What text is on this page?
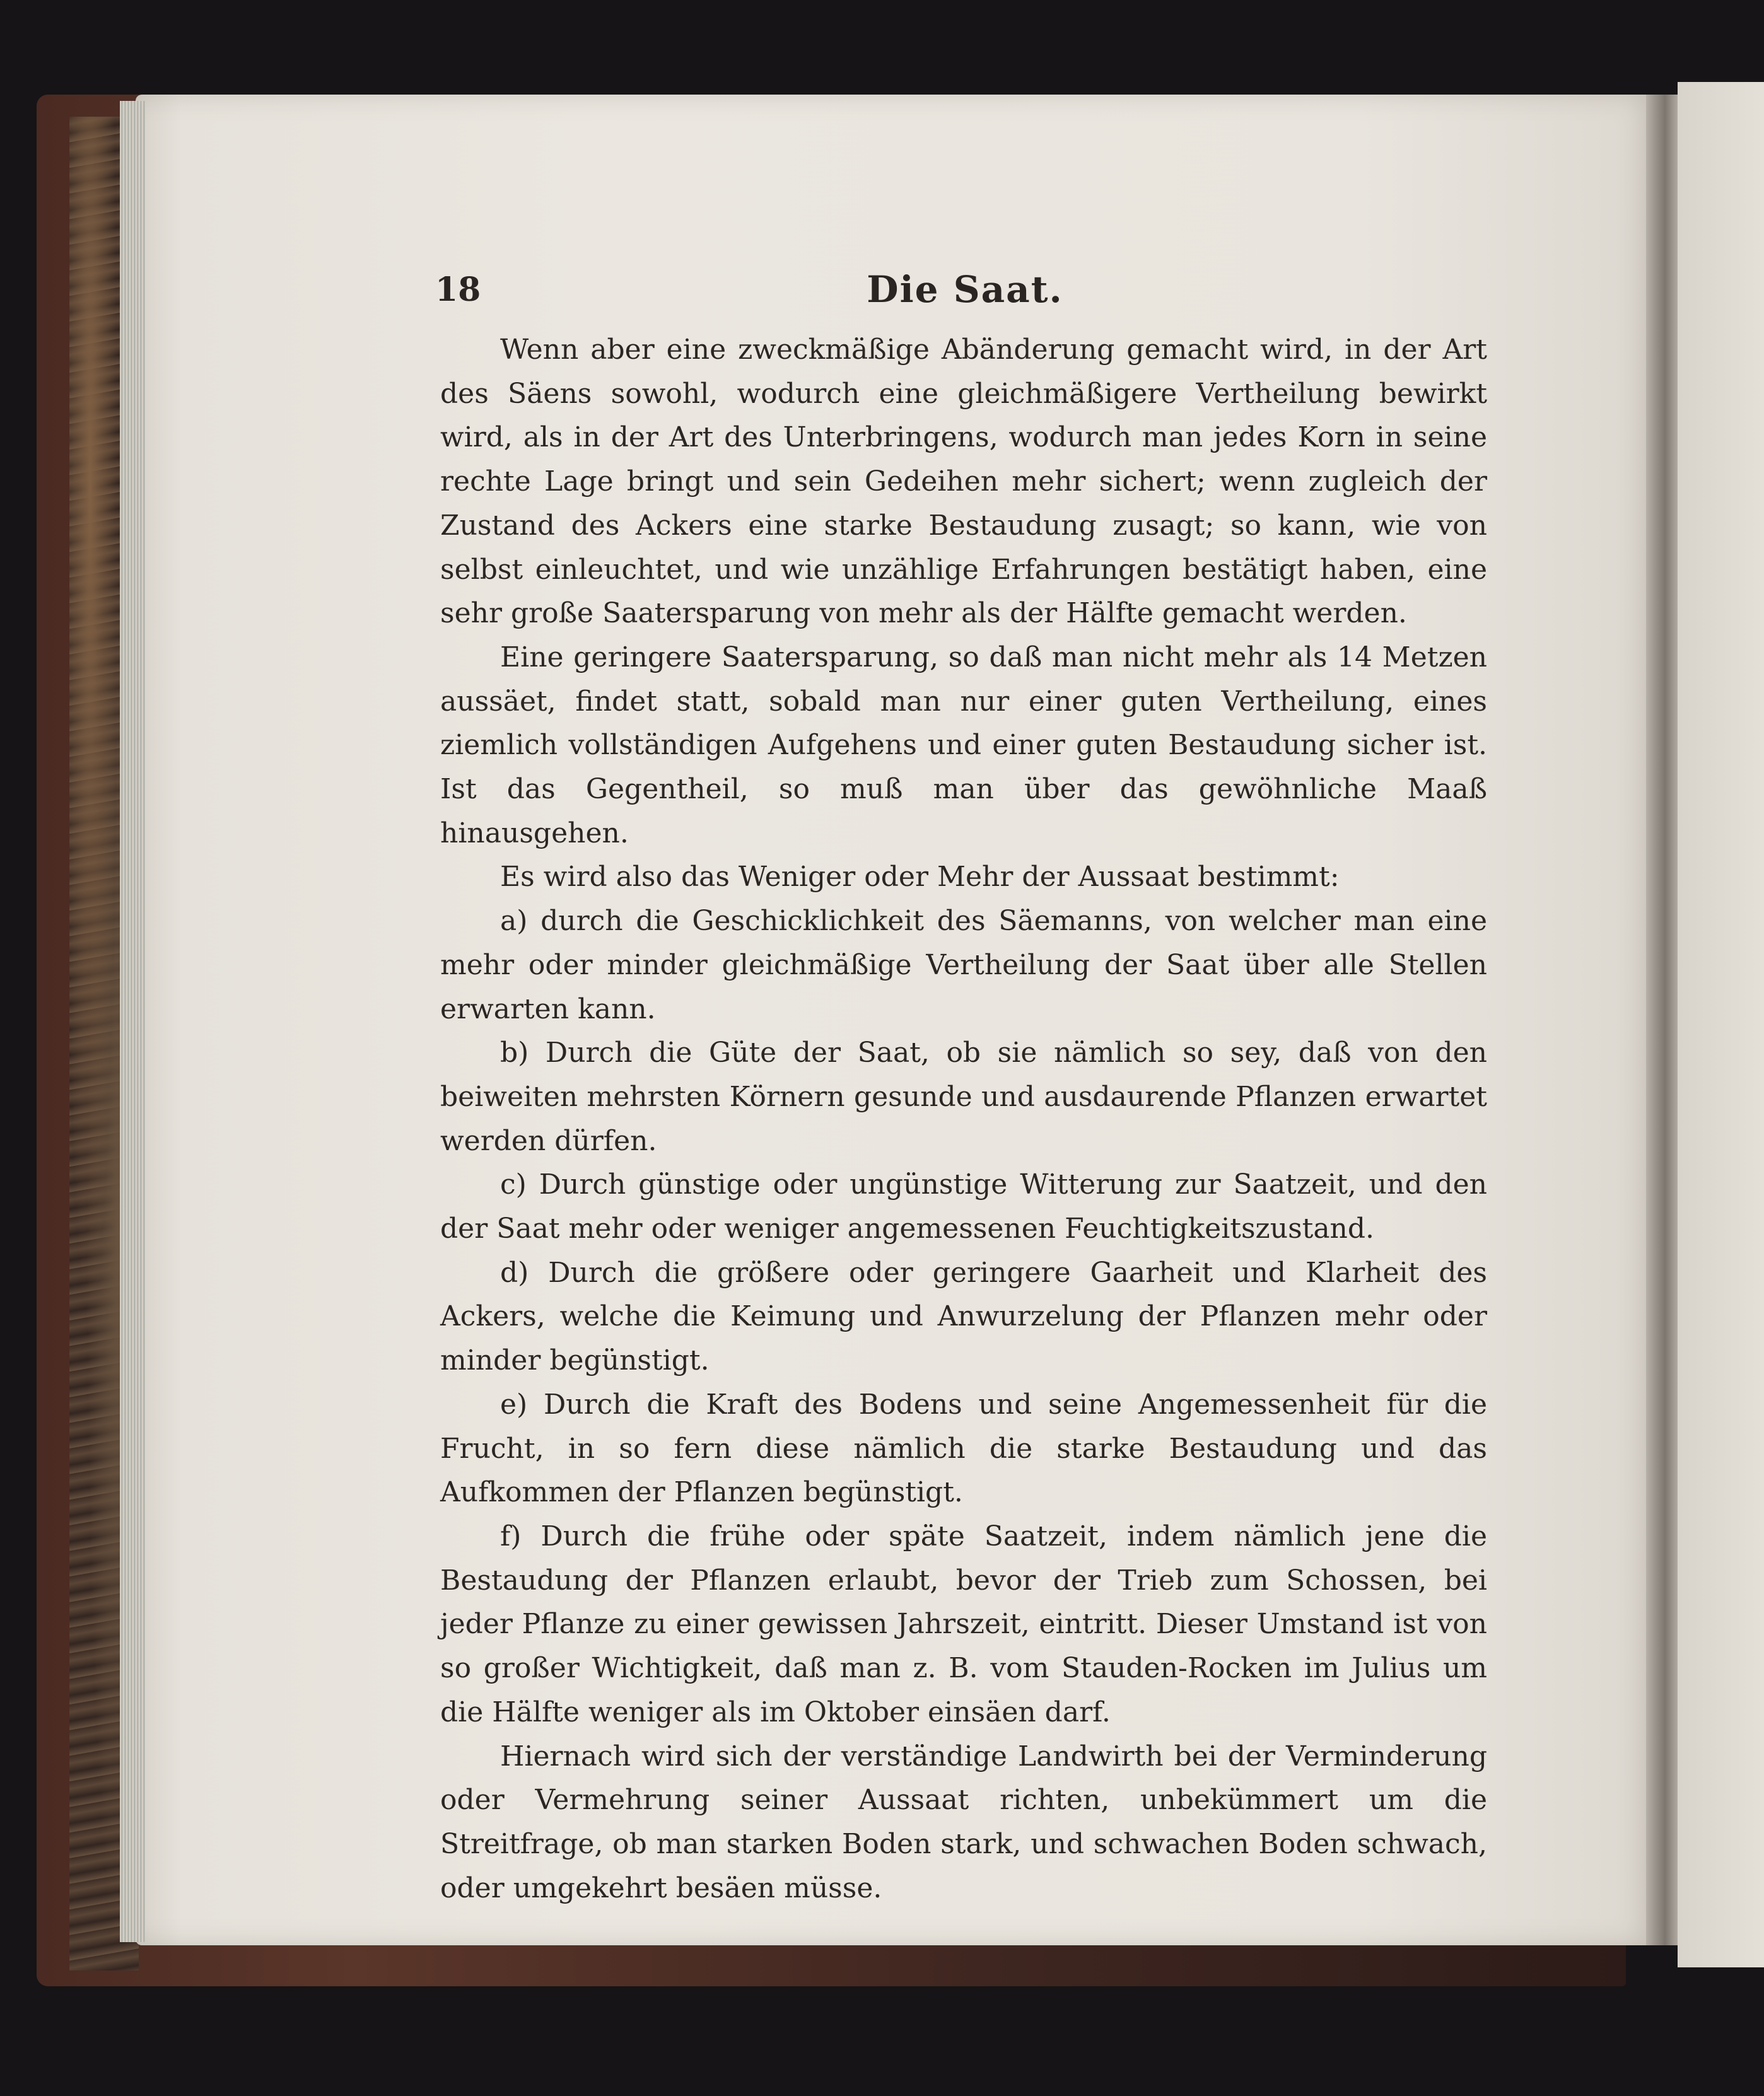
18	Die Saat.

Wenn aber eine zweckmäßige Abänderung gemacht wird, in der Art des Säens sowohl, wodurch eine gleichmäßigere Vertheilung bewirkt wird, als in der Art des Unterbringens, wodurch man jedes Korn in seine rechte Lage bringt und sein Gedeihen mehr sichert; wenn zugleich der Zustand des Ackers eine starke Bestaudung zusagt; so kann, wie von selbst einleuchtet, und wie unzählige Erfahrungen bestätigt haben, eine sehr große Saatersparung von mehr als der Hälfte gemacht werden.

Eine geringere Saatersparung, so daß man nicht mehr als 14 Metzen aussäet, findet statt, sobald man nur einer guten Vertheilung, eines ziemlich vollständigen Aufgehens und einer guten Bestaudung sicher ist. Ist das Gegentheil, so muß man über das gewöhnliche Maaß hinausgehen.

Es wird also das Weniger oder Mehr der Aussaat bestimmt:

a) durch die Geschicklichkeit des Säemanns, von welcher man eine mehr oder minder gleichmäßige Vertheilung der Saat über alle Stellen erwarten kann.

b) Durch die Güte der Saat, ob sie nämlich so sey, daß von den beiweiten mehrsten Körnern gesunde und ausdaurende Pflanzen erwartet werden dürfen.

c) Durch günstige oder ungünstige Witterung zur Saatzeit, und den der Saat mehr oder weniger angemessenen Feuchtigkeitszustand.

d) Durch die größere oder geringere Gaarheit und Klarheit des Ackers, welche die Keimung und Anwurzelung der Pflanzen mehr oder minder begünstigt.

e) Durch die Kraft des Bodens und seine Angemessenheit für die Frucht, in so fern diese nämlich die starke Bestaudung und das Aufkommen der Pflanzen begünstigt.

f) Durch die frühe oder späte Saatzeit, indem nämlich jene die Bestaudung der Pflanzen erlaubt, bevor der Trieb zum Schossen, bei jeder Pflanze zu einer gewissen Jahrszeit, eintritt. Dieser Umstand ist von so großer Wichtigkeit, daß man z. B. vom Stauden-Rocken im Julius um die Hälfte weniger als im Oktober einsäen darf.

Hiernach wird sich der verständige Landwirth bei der Verminderung oder Vermehrung seiner Aussaat richten, unbekümmert um die Streitfrage, ob man starken Boden stark, und schwachen Boden schwach, oder umgekehrt besäen müsse.
